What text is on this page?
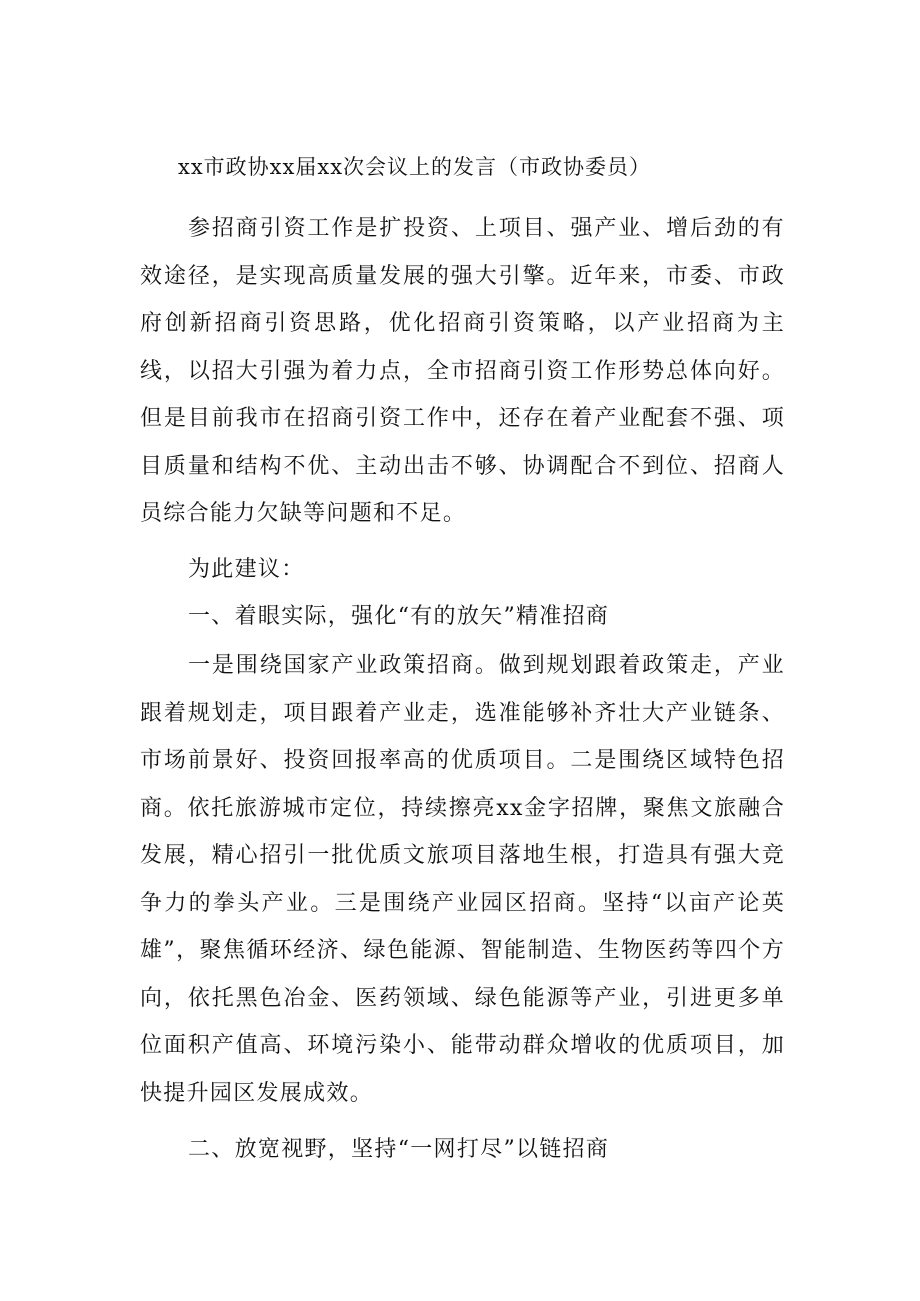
xx市政协xx届xx次会议上的发言（市政协委员）
参招商引资工作是扩投资、上项目、强产业、增后劲的有效途径，是实现高质量发展的强大引擎。近年来，市委、市政府创新招商引资思路，优化招商引资策略，以产业招商为主线，以招大引强为着力点，全市招商引资工作形势总体向好。但是目前我市在招商引资工作中，还存在着产业配套不强、项目质量和结构不优、主动出击不够、协调配合不到位、招商人员综合能力欠缺等问题和不足。
为此建议：
一、着眼实际，强化“有的放矢”精准招商
一是围绕国家产业政策招商。做到规划跟着政策走，产业跟着规划走，项目跟着产业走，选准能够补齐壮大产业链条、市场前景好、投资回报率高的优质项目。二是围绕区域特色招商。依托旅游城市定位，持续擦亮xx金字招牌，聚焦文旅融合发展，精心招引一批优质文旅项目落地生根，打造具有强大竞争力的拳头产业。三是围绕产业园区招商。坚持“以亩产论英雄”，聚焦循环经济、绿色能源、智能制造、生物医药等四个方向，依托黑色冶金、医药领域、绿色能源等产业，引进更多单位面积产值高、环境污染小、能带动群众增收的优质项目，加快提升园区发展成效。
二、放宽视野，坚持“一网打尽”以链招商
